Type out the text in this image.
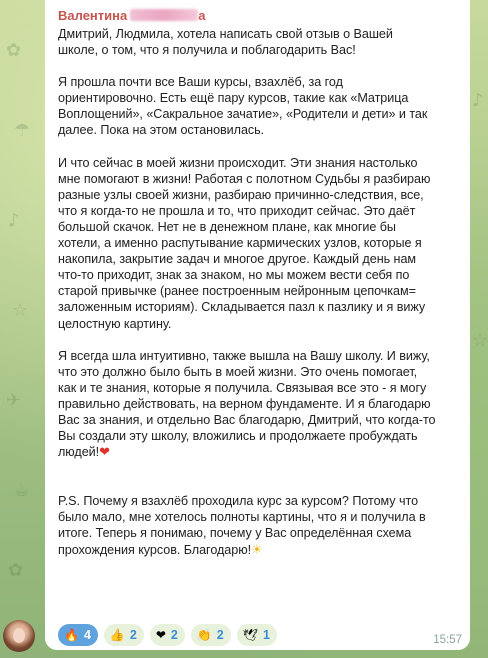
✿
☂
♪
☆
✈
☕
✿
♪
☆
Валентина	а
Дмитрий, Людмила, хотела написать свой отзыв о Вашей
школе, о том, что я получила и поблагодарить Вас!
Я прошла почти все Ваши курсы, взахлёб, за год
ориентировочно. Есть ещё пару курсов, такие как «Матрица
Воплощений», «Сакральное зачатие», «Родители и дети» и так
далее. Пока на этом остановилась.
И что сейчас в моей жизни происходит. Эти знания настолько
мне помогают в жизни! Работая с полотном Судьбы я разбираю
разные узлы своей жизни, разбираю причинно-следствия, все,
что я когда-то не прошла и то, что приходит сейчас. Это даёт
большой скачок. Нет не в денежном плане, как многие бы
хотели, а именно распутывание кармических узлов, которые я
накопила, закрытие задач и многое другое. Каждый день нам
что-то приходит, знак за знаком, но мы можем вести себя по
старой привычке (ранее построенным нейронным цепочкам=
заложенным историям). Складывается пазл к пазлику и я вижу
целостную картину.
Я всегда шла интуитивно, также вышла на Вашу школу. И вижу,
что это должно было быть в моей жизни. Это очень помогает,
как и те знания, которые я получила. Связывая все это - я могу
правильно действовать, на верном фундаменте. И я благодарю
Вас за знания, и отдельно Вас благодарю, Дмитрий, что когда-то
Вы создали эту школу, вложились и продолжаете пробуждать
людей!❤
P.S. Почему я взахлёб проходила курс за курсом? Потому что
было мало, мне хотелось полноты картины, что я и получила в
итоге. Теперь я понимаю, почему у Вас определённая схема
прохождения курсов. Благодарю!☀
🔥 4 👍 2 ❤ 2 👏 2 🕊 1	15:57
